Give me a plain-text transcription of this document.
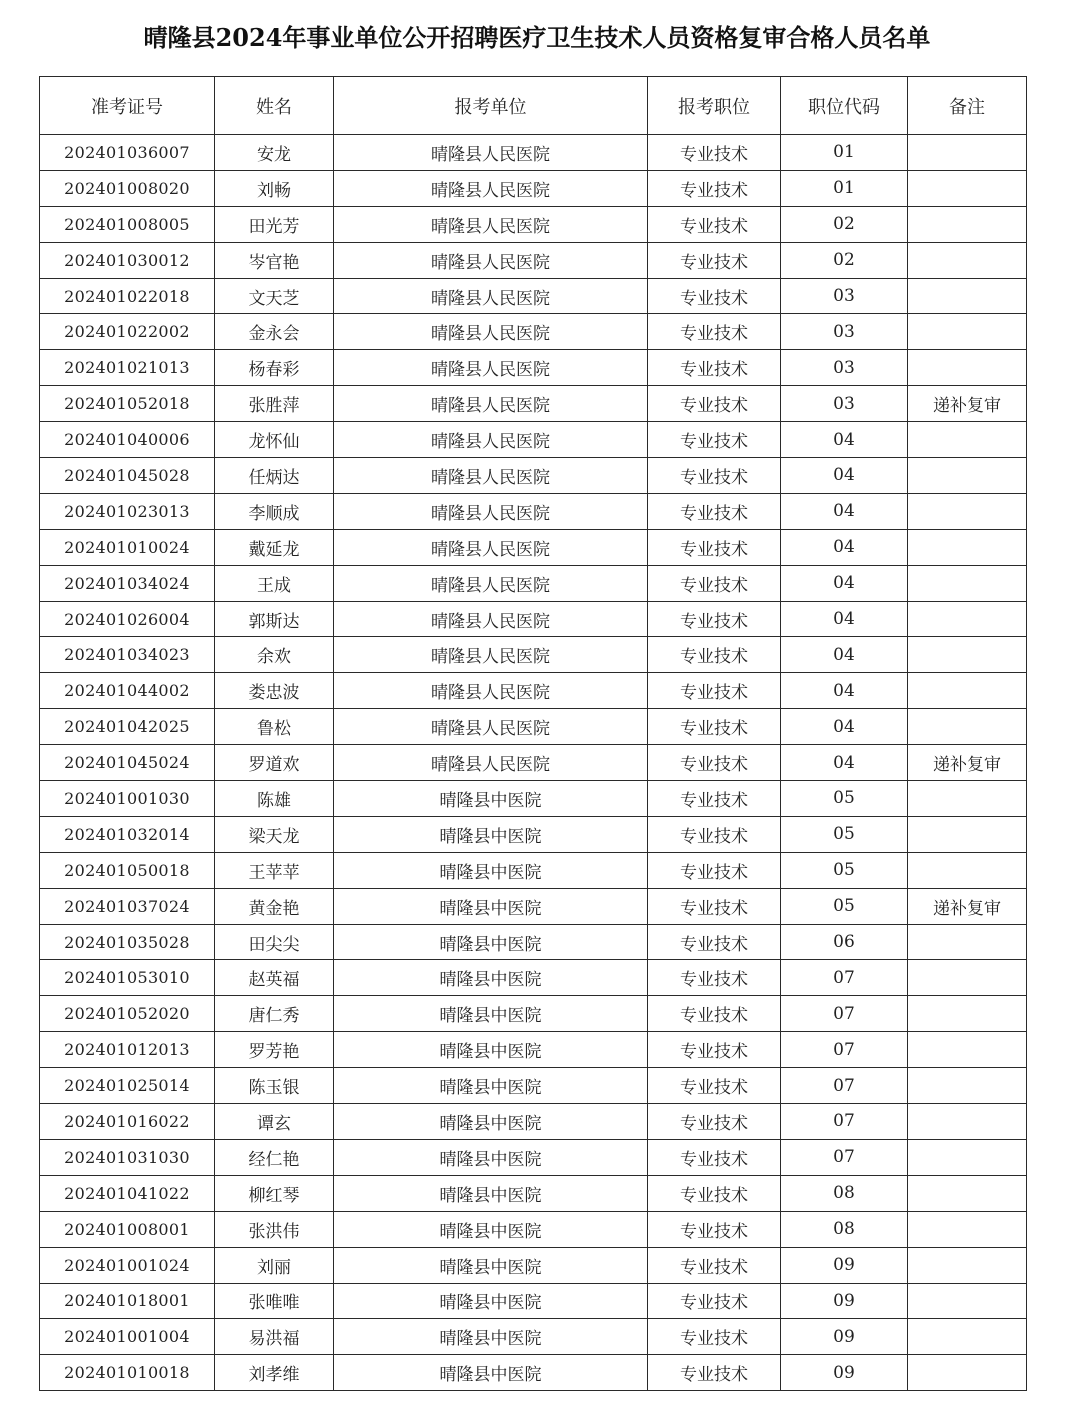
晴隆县2024年事业单位公开招聘医疗卫生技术人员资格复审合格人员名单
准考证号	姓名	报考单位	报考职位	职位代码	备注
202401036007	安龙	晴隆县人民医院	专业技术	01	
202401008020	刘畅	晴隆县人民医院	专业技术	01	
202401008005	田光芳	晴隆县人民医院	专业技术	02	
202401030012	岑官艳	晴隆县人民医院	专业技术	02	
202401022018	文天芝	晴隆县人民医院	专业技术	03	
202401022002	金永会	晴隆县人民医院	专业技术	03	
202401021013	杨春彩	晴隆县人民医院	专业技术	03	
202401052018	张胜萍	晴隆县人民医院	专业技术	03	递补复审
202401040006	龙怀仙	晴隆县人民医院	专业技术	04	
202401045028	任炳达	晴隆县人民医院	专业技术	04	
202401023013	李顺成	晴隆县人民医院	专业技术	04	
202401010024	戴延龙	晴隆县人民医院	专业技术	04	
202401034024	王成	晴隆县人民医院	专业技术	04	
202401026004	郭斯达	晴隆县人民医院	专业技术	04	
202401034023	余欢	晴隆县人民医院	专业技术	04	
202401044002	娄忠波	晴隆县人民医院	专业技术	04	
202401042025	鲁松	晴隆县人民医院	专业技术	04	
202401045024	罗道欢	晴隆县人民医院	专业技术	04	递补复审
202401001030	陈雄	晴隆县中医院	专业技术	05	
202401032014	梁天龙	晴隆县中医院	专业技术	05	
202401050018	王苹苹	晴隆县中医院	专业技术	05	
202401037024	黄金艳	晴隆县中医院	专业技术	05	递补复审
202401035028	田尖尖	晴隆县中医院	专业技术	06	
202401053010	赵英福	晴隆县中医院	专业技术	07	
202401052020	唐仁秀	晴隆县中医院	专业技术	07	
202401012013	罗芳艳	晴隆县中医院	专业技术	07	
202401025014	陈玉银	晴隆县中医院	专业技术	07	
202401016022	谭玄	晴隆县中医院	专业技术	07	
202401031030	经仁艳	晴隆县中医院	专业技术	07	
202401041022	柳红琴	晴隆县中医院	专业技术	08	
202401008001	张洪伟	晴隆县中医院	专业技术	08	
202401001024	刘丽	晴隆县中医院	专业技术	09	
202401018001	张唯唯	晴隆县中医院	专业技术	09	
202401001004	易洪福	晴隆县中医院	专业技术	09	
202401010018	刘孝维	晴隆县中医院	专业技术	09	
